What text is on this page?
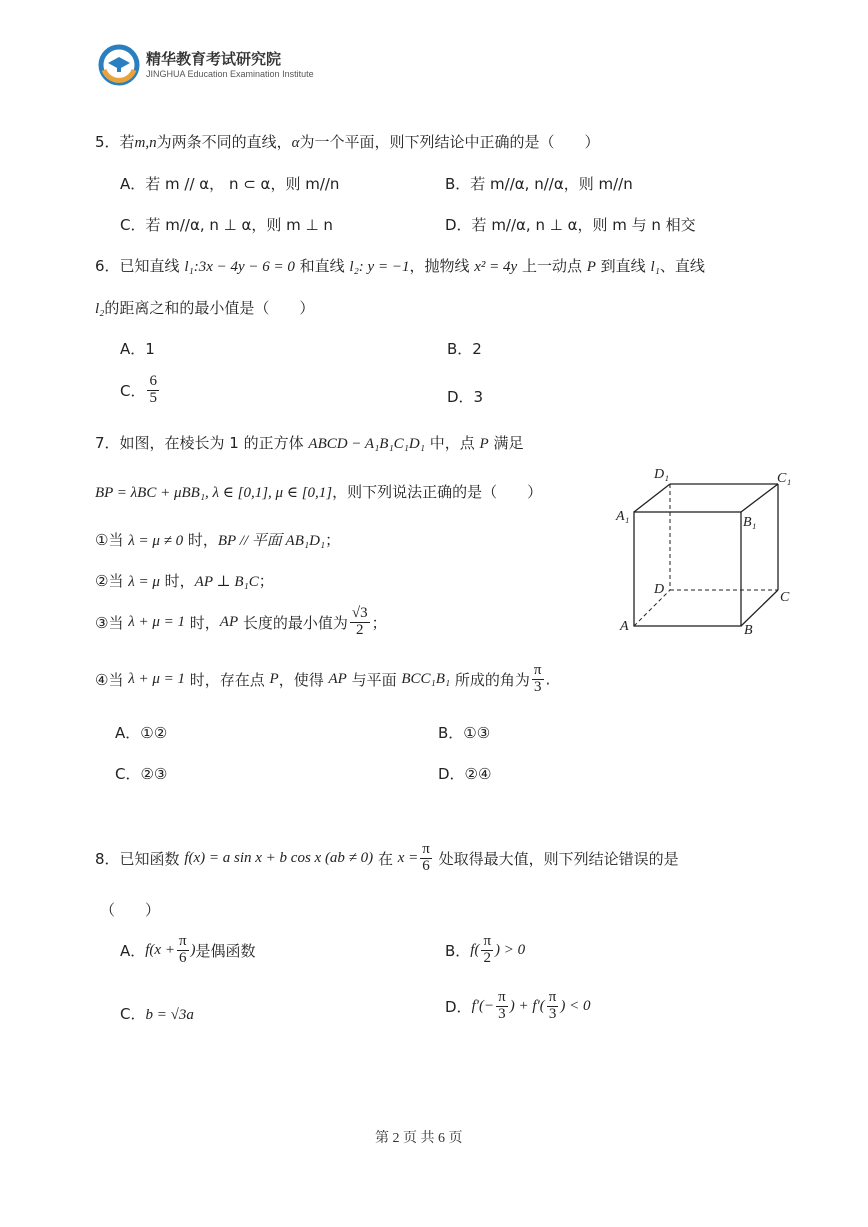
精华教育考试研究院
JINGHUA Education Examination Institute
5．若m,n为两条不同的直线，α为一个平面，则下列结论中正确的是（　　）
A．若 m // α， n ⊂ α，则 m//n	B．若 m//α, n//α，则 m//n
C．若 m//α, n ⊥ α，则 m ⊥ n	D．若 m//α, n ⊥ α，则 m 与 n 相交
6．已知直线 l₁:3x − 4y − 6 = 0 和直线 l₂: y = −1，抛物线 x² = 4y 上一动点 P 到直线 l₁、直线
l₂的距离之和的最小值是（　　）
A．1	B．2
C． $\frac{6}{5}$	D．3
7．如图，在棱长为 1 的正方体 ABCD − A₁B₁C₁D₁ 中，点 P 满足
BP = λBC + μBB₁, λ ∈ [0,1], μ ∈ [0,1]，则下列说法正确的是（　　）
①当 λ = μ ≠ 0 时，BP // 平面 AB₁D₁；
②当 λ = μ 时，AP ⊥ B₁C；
③当 λ + μ = 1 时，AP 长度的最小值为 $\frac{√3}{2}$ ；
④当 λ + μ = 1 时，存在点 P，使得 AP 与平面 BCC₁B₁ 所成的角为 $\frac{\pi}{3}$ .
A．①②	B．①③
C．②③	D．②④
D₁	C₁
A₁	B₁
D
C
A	B
8．已知函数 f(x) = a sin x + b cos x (ab ≠ 0) 在 $x = \frac{\pi}{6}$ 处取得最大值，则下列结论错误的是
（　　）
A．$f(x + \frac{\pi}{6}$ )是偶函数	B．$f( \frac{\pi}{2}$ ) > 0
C．b = √3a	D．$f'(- \frac{\pi}{3}$ ) + $f'( \frac{\pi}{3}$ ) < 0
第 2 页 共 6 页
